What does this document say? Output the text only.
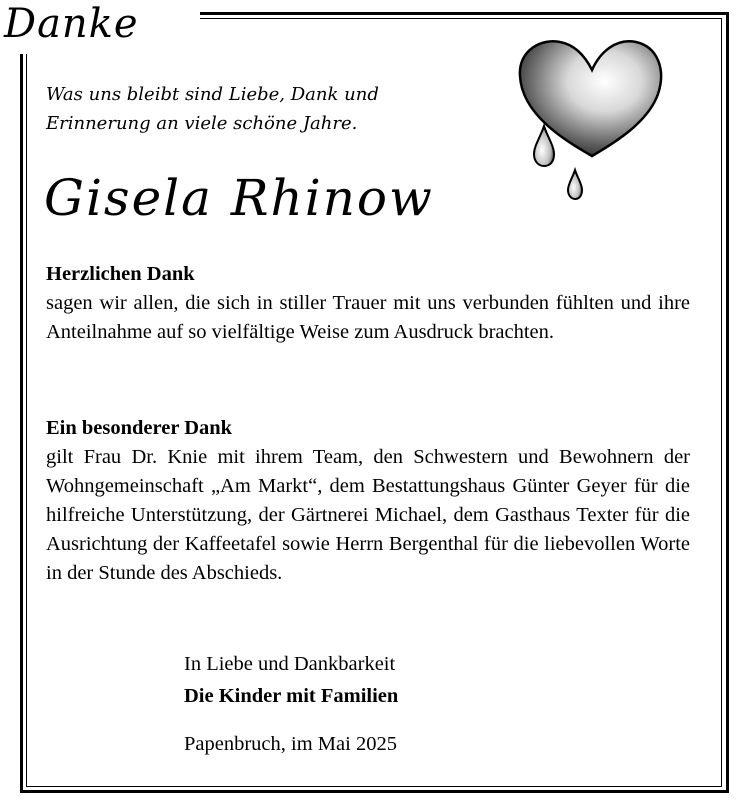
Danke
Was uns bleibt sind Liebe, Dank und
Erinnerung an viele schöne Jahre.
Gisela Rhinow
Herzlichen Dank
sagen wir allen, die sich in stiller Trauer mit uns verbunden fühlten und ihre Anteilnahme auf so vielfältige Weise zum Ausdruck brachten.
Ein besonderer Dank
gilt Frau Dr. Knie mit ihrem Team, den Schwestern und Bewohnern der Wohngemeinschaft „Am Markt“, dem Bestattungshaus Günter Geyer für die hilfreiche Unterstützung, der Gärtnerei Michael, dem Gasthaus Texter für die Ausrichtung der Kaffeetafel sowie Herrn Bergenthal für die liebevollen Worte in der Stunde des Abschieds.
In Liebe und Dankbarkeit
Die Kinder mit Familien
Papenbruch, im Mai 2025
